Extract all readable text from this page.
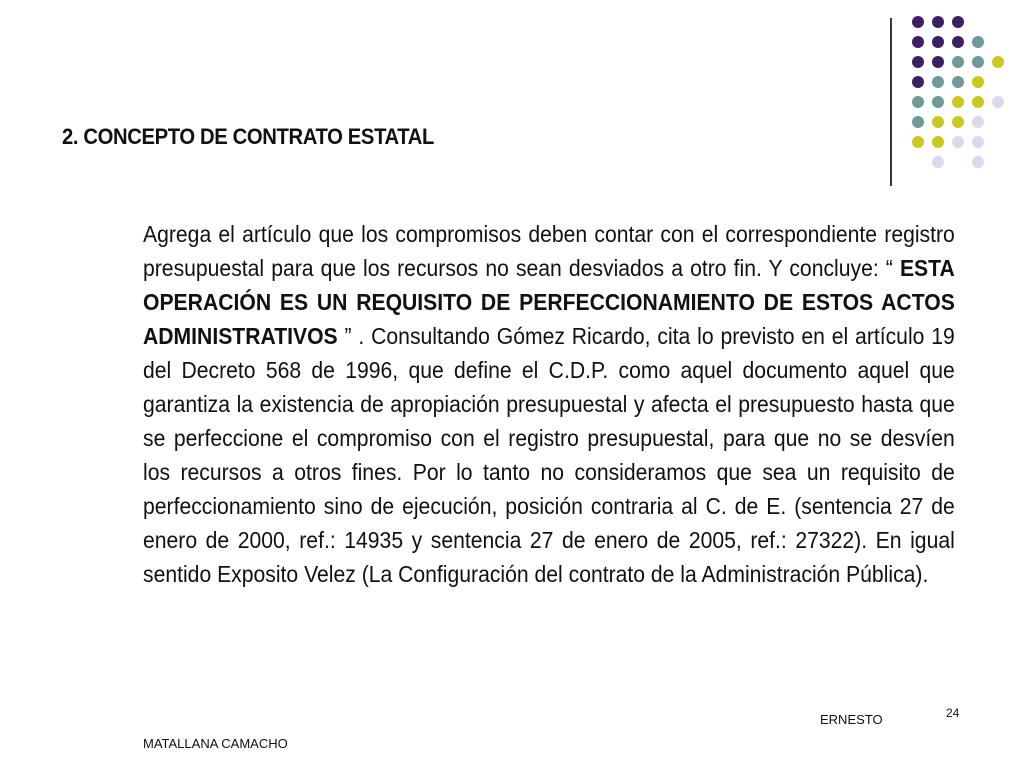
2. CONCEPTO DE CONTRATO ESTATAL

Agrega el artículo que los compromisos deben contar con el correspondiente registro presupuestal para que los recursos no sean desviados a otro fin. Y concluye: “ ESTA OPERACIÓN ES UN REQUISITO DE PERFECCIONAMIENTO DE ESTOS ACTOS ADMINISTRATIVOS ” . Consultando Gómez Ricardo, cita lo previsto en el artículo 19 del Decreto 568 de 1996, que define el C.D.P. como aquel documento aquel que garantiza la existencia de apropiación presupuestal y afecta el presupuesto hasta que se perfeccione el compromiso con el registro presupuestal, para que no se desvíen los recursos a otros fines. Por lo tanto no consideramos que sea un requisito de perfeccionamiento sino de ejecución, posición contraria al C. de E. (sentencia 27 de enero de 2000, ref.: 14935 y sentencia 27 de enero de 2005, ref.: 27322). En igual sentido Exposito Velez (La Configuración del contrato de la Administración Pública).

ERNESTO
MATALLANA CAMACHO
24
